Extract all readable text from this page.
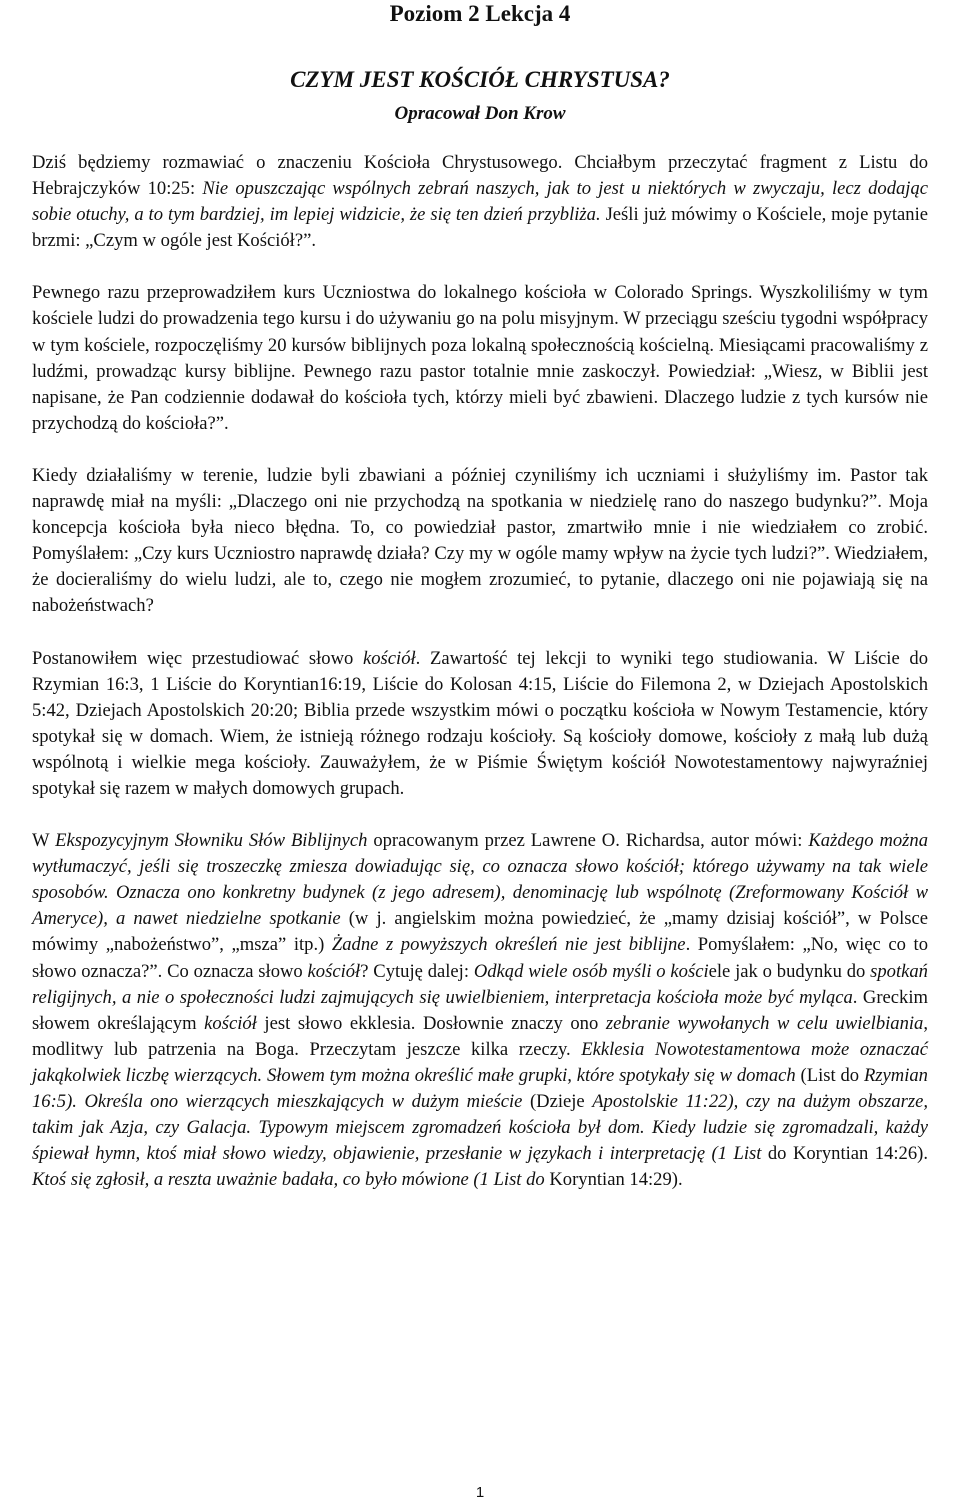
Poziom 2 Lekcja 4
CZYM JEST KOŚCIÓŁ CHRYSTUSA?

Opracował Don Krow

Dziś będziemy rozmawiać o znaczeniu Kościoła Chrystusowego. Chciałbym przeczytać fragment z Listu do Hebrajczyków 10:25: Nie opuszczając wspólnych zebrań naszych, jak to jest u niektórych w zwyczaju, lecz dodając sobie otuchy, a to tym bardziej, im lepiej widzicie, że się ten dzień przybliża. Jeśli już mówimy o Kościele, moje pytanie brzmi: „Czym w ogóle jest Kościół?”.

Pewnego razu przeprowadziłem kurs Uczniostwa do lokalnego kościoła w Colorado Springs. Wyszkoliliśmy w tym kościele ludzi do prowadzenia tego kursu i do używaniu go na polu misyjnym. W przeciągu sześciu tygodni współpracy w tym kościele, rozpoczęliśmy 20 kursów biblijnych poza lokalną społecznością kościelną. Miesiącami pracowaliśmy z ludźmi, prowadząc kursy biblijne. Pewnego razu pastor totalnie mnie zaskoczył. Powiedział: „Wiesz, w Biblii jest napisane, że Pan codziennie dodawał do kościoła tych, którzy mieli być zbawieni. Dlaczego ludzie z tych kursów nie przychodzą do kościoła?”.

Kiedy działaliśmy w terenie, ludzie byli zbawiani a później czyniliśmy ich uczniami i służyliśmy im. Pastor tak naprawdę miał na myśli: „Dlaczego oni nie przychodzą na spotkania w niedzielę rano do naszego budynku?”. Moja koncepcja kościoła była nieco błędna. To, co powiedział pastor, zmartwiło mnie i nie wiedziałem co zrobić. Pomyślałem: „Czy kurs Uczniostro naprawdę działa? Czy my w ogóle mamy wpływ na życie tych ludzi?”. Wiedziałem, że docieraliśmy do wielu ludzi, ale to, czego nie mogłem zrozumieć, to pytanie, dlaczego oni nie pojawiają się na nabożeństwach?

Postanowiłem więc przestudiować słowo kościół. Zawartość tej lekcji to wyniki tego studiowania. W Liście do Rzymian 16:3, 1 Liście do Koryntian16:19, Liście do Kolosan 4:15, Liście do Filemona 2, w Dziejach Apostolskich 5:42, Dziejach Apostolskich 20:20; Biblia przede wszystkim mówi o początku kościoła w Nowym Testamencie, który spotykał się w domach. Wiem, że istnieją różnego rodzaju kościoły. Są kościoły domowe, kościoły z małą lub dużą wspólnotą i wielkie mega kościoły. Zauważyłem, że w Piśmie Świętym kościół Nowotestamentowy najwyraźniej spotykał się razem w małych domowych grupach.

W Ekspozycyjnym Słowniku Słów Biblijnych opracowanym przez Lawrene O. Richardsa, autor mówi: Każdego można wytłumaczyć, jeśli się troszeczkę zmiesza dowiadując się, co oznacza słowo kościół; którego używamy na tak wiele sposobów. Oznacza ono konkretny budynek (z jego adresem), denominację lub wspólnotę (Zreformowany Kościół w Ameryce), a nawet niedzielne spotkanie (w j. angielskim można powiedzieć, że „mamy dzisiaj kościół”, w Polsce mówimy „nabożeństwo”, „msza” itp.) Żadne z powyższych określeń nie jest biblijne. Pomyślałem: „No, więc co to słowo oznacza?”. Co oznacza słowo kościół? Cytuję dalej: Odkąd wiele osób myśli o kościele jak o budynku do spotkań religijnych, a nie o społeczności ludzi zajmujących się uwielbieniem, interpretacja kościoła może być myląca. Greckim słowem określającym kościół jest słowo ekklesia. Dosłownie znaczy ono zebranie wywołanych w celu uwielbiania, modlitwy lub patrzenia na Boga. Przeczytam jeszcze kilka rzeczy. Ekklesia Nowotestamentowa może oznaczać jakąkolwiek liczbę wierzących. Słowem tym można określić małe grupki, które spotykały się w domach (List do Rzymian 16:5). Określa ono wierzących mieszkających w dużym mieście (Dzieje Apostolskie 11:22), czy na dużym obszarze, takim jak Azja, czy Galacja. Typowym miejscem zgromadzeń kościoła był dom. Kiedy ludzie się zgromadzali, każdy śpiewał hymn, ktoś miał słowo wiedzy, objawienie, przesłanie w językach i interpretację (1 List do Koryntian 14:26). Ktoś się zgłosił, a reszta uważnie badała, co było mówione (1 List do Koryntian 14:29).

1
